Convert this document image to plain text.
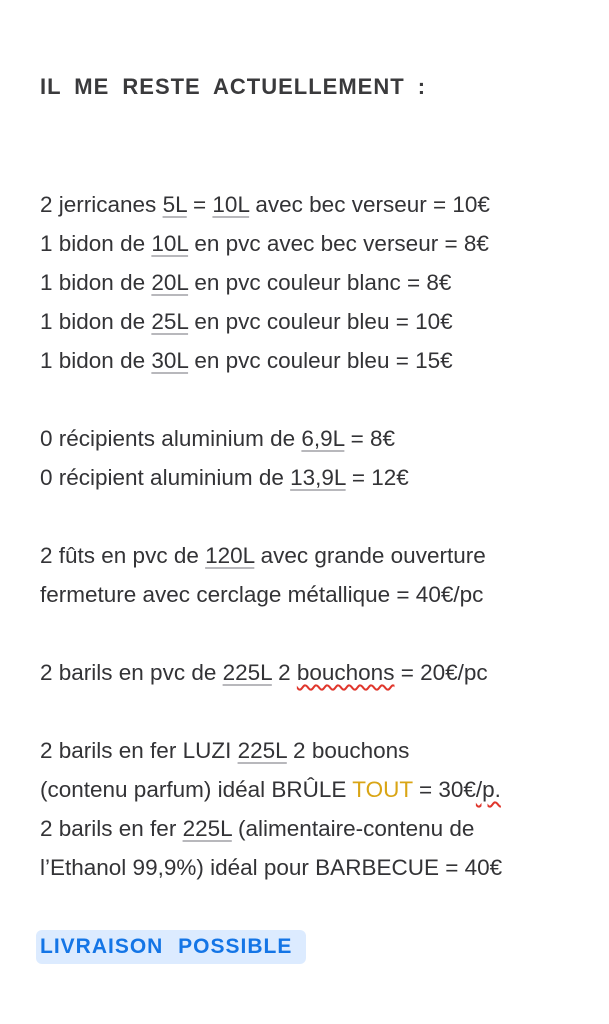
IL ME RESTE ACTUELLEMENT :
2 jerricanes 5L = 10L avec bec verseur = 10€
1 bidon de 10L en pvc avec bec verseur = 8€
1 bidon de 20L en pvc couleur blanc = 8€
1 bidon de 25L en pvc couleur bleu = 10€
1 bidon de 30L en pvc couleur bleu = 15€
0 récipients aluminium de 6,9L = 8€
0 récipient aluminium de 13,9L = 12€
2 fûts en pvc de 120L avec grande ouverture
fermeture avec cerclage métallique = 40€/pc
2 barils en pvc de 225L 2 bouchons = 20€/pc
2 barils en fer LUZI 225L 2 bouchons
(contenu parfum) idéal BRÛLE TOUT = 30€/p.
2 barils en fer 225L (alimentaire-contenu de
l’Ethanol 99,9%) idéal pour BARBECUE = 40€
LIVRAISON POSSIBLE
